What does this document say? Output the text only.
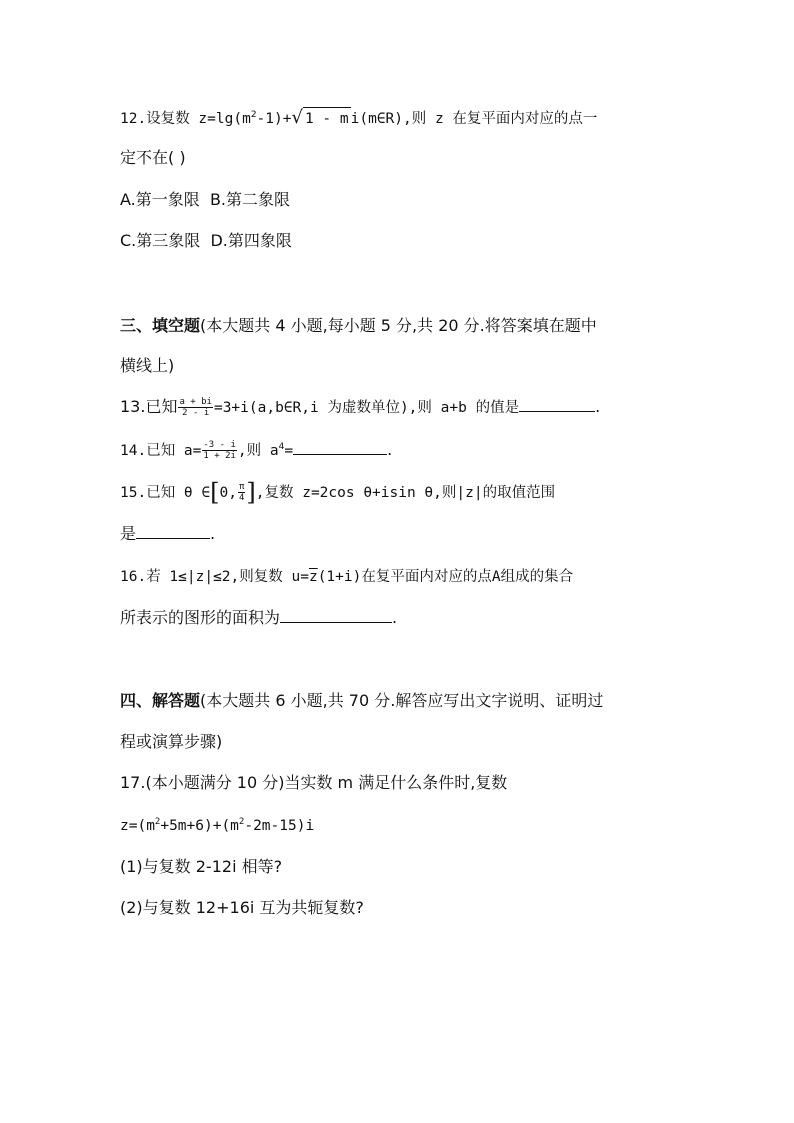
12.设复数 $z=\lg(m^2-1)+√$ 1 - m i(m∈R),则 z 在复平面内对应的点一
定不在( )
A.第一象限 B.第二象限
C.第三象限 D.第四象限
三、填空题(本大题共 4 小题,每小题 5 分,共 20 分.将答案填在题中
横线上)
13.已知 $\frac{a + bi}{2 - i}$ =3+i(a,b∈R,i 为虚数单位),则 a+b 的值是	.
14.已知 $a= \frac{-3 - i}{1 + 2i}$ ,则 $a^4=$	.
15.已知 θ ∈[0, $\frac{\pi}{4}$ ],复数 z=2cos θ+isin θ,则|z|的取值范围
是	.
16.若 1≤|z|≤2,则复数 $u=\overline{z}(1+i)$在复平面内对应的点A组成的集合
所表示的图形的面积为	.
四、解答题(本大题共 6 小题,共 70 分.解答应写出文字说明、证明过
程或演算步骤)
17.(本小题满分 10 分)当实数 m 满足什么条件时,复数
$z=(m^2+5m+6)+(m^2-2m-15)i$
(1)与复数 2-12i 相等?
(2)与复数 12+16i 互为共轭复数?
